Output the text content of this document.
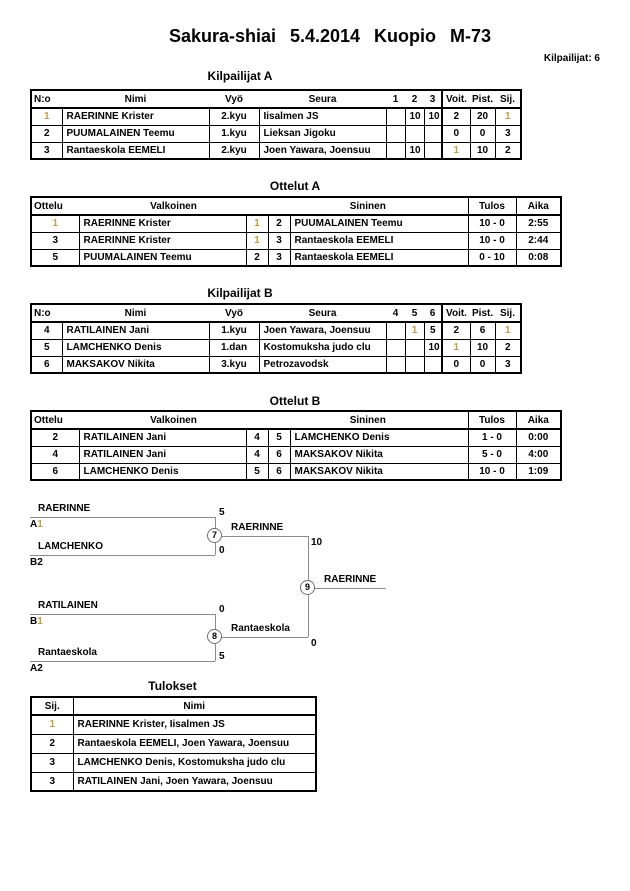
Sakura-shiai 5.4.2014 Kuopio M-73
Kilpailijat: 6
Kilpailijat A
N:o	Nimi	Vyö	Seura	1	2	3	Voit.	Pist.	Sij.
1	RAERINNE Krister	2.kyu	Iisalmen JS		10	10	2	20	1
2	PUUMALAINEN Teemu	1.kyu	Lieksan Jigoku				0	0	3
3	Rantaeskola EEMELI	2.kyu	Joen Yawara, Joensuu		10		1	10	2
Ottelut A
Ottelu	Valkoinen		Sininen		Tulos	Aika
1	RAERINNE Krister	1	2	PUUMALAINEN Teemu	10 - 0	2:55
3	RAERINNE Krister	1	3	Rantaeskola EEMELI	10 - 0	2:44
5	PUUMALAINEN Teemu	2	3	Rantaeskola EEMELI	0 - 10	0:08
Kilpailijat B
N:o	Nimi	Vyö	Seura	4	5	6	Voit.	Pist.	Sij.
4	RATILAINEN Jani	1.kyu	Joen Yawara, Joensuu		1	5	2	6	1
5	LAMCHENKO Denis	1.dan	Kostomuksha judo clu			10	1	10	2
6	MAKSAKOV Nikita	3.kyu	Petrozavodsk				0	0	3
Ottelut B
Ottelu	Valkoinen		Sininen		Tulos	Aika
2	RATILAINEN Jani	4	5	LAMCHENKO Denis	1 - 0	0:00
4	RATILAINEN Jani	4	6	MAKSAKOV Nikita	5 - 0	4:00
6	LAMCHENKO Denis	5	6	MAKSAKOV Nikita	10 - 0	1:09
RAERINNE
A1
5
LAMCHENKO
B2
0
7
RAERINNE
10
RATILAINEN
B1
0
Rantaeskola
A2
5
8
Rantaeskola
0
9
RAERINNE
Tulokset
Sij.	Nimi
1	RAERINNE Krister, Iisalmen JS
2	Rantaeskola EEMELI, Joen Yawara, Joensuu
3	LAMCHENKO Denis, Kostomuksha judo clu
3	RATILAINEN Jani, Joen Yawara, Joensuu
